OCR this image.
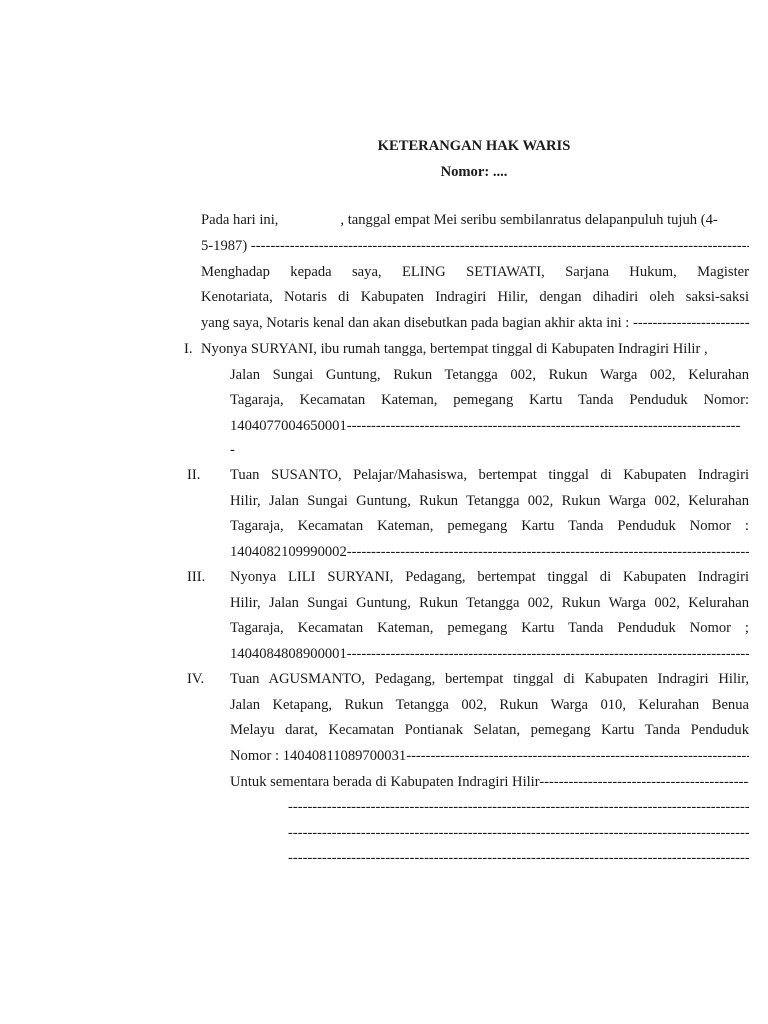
KETERANGAN HAK WARIS
Nomor: ....
Pada hari ini,                 , tanggal empat Mei seribu sembilanratus delapanpuluh tujuh (4-
5-1987) -----
Menghadap kepada saya, ELING SETIAWATI, Sarjana Hukum, Magister
Kenotariata, Notaris di Kabupaten Indragiri Hilir, dengan dihadiri oleh saksi-saksi
yang saya, Notaris kenal dan akan disebutkan pada bagian akhir akta ini : -----
I. Nyonya SURYANI, ibu rumah tangga, bertempat tinggal di Kabupaten Indragiri Hilir ,
Jalan Sungai Guntung, Rukun Tetangga 002, Rukun Warga 002, Kelurahan
Tagaraja, Kecamatan Kateman, pemegang Kartu Tanda Penduduk Nomor:
1404077004650001 -----
-
II.	Tuan SUSANTO, Pelajar/Mahasiswa, bertempat tinggal di Kabupaten Indragiri
Hilir, Jalan Sungai Guntung, Rukun Tetangga 002, Rukun Warga 002, Kelurahan
Tagaraja, Kecamatan Kateman, pemegang Kartu Tanda Penduduk Nomor :
1404082109990002 -----
III.	Nyonya LILI SURYANI, Pedagang, bertempat tinggal di Kabupaten Indragiri
Hilir, Jalan Sungai Guntung, Rukun Tetangga 002, Rukun Warga 002, Kelurahan
Tagaraja, Kecamatan Kateman, pemegang Kartu Tanda Penduduk Nomor ;
1404084808900001 -----
IV.	Tuan AGUSMANTO, Pedagang, bertempat tinggal di Kabupaten Indragiri Hilir,
Jalan Ketapang, Rukun Tetangga 002, Rukun Warga 010, Kelurahan Benua
Melayu darat, Kecamatan Pontianak Selatan, pemegang Kartu Tanda Penduduk
Nomor : 14040811089700031 -----
Untuk sementara berada di Kabupaten Indragiri Hilir -----
-----
-----
-----
